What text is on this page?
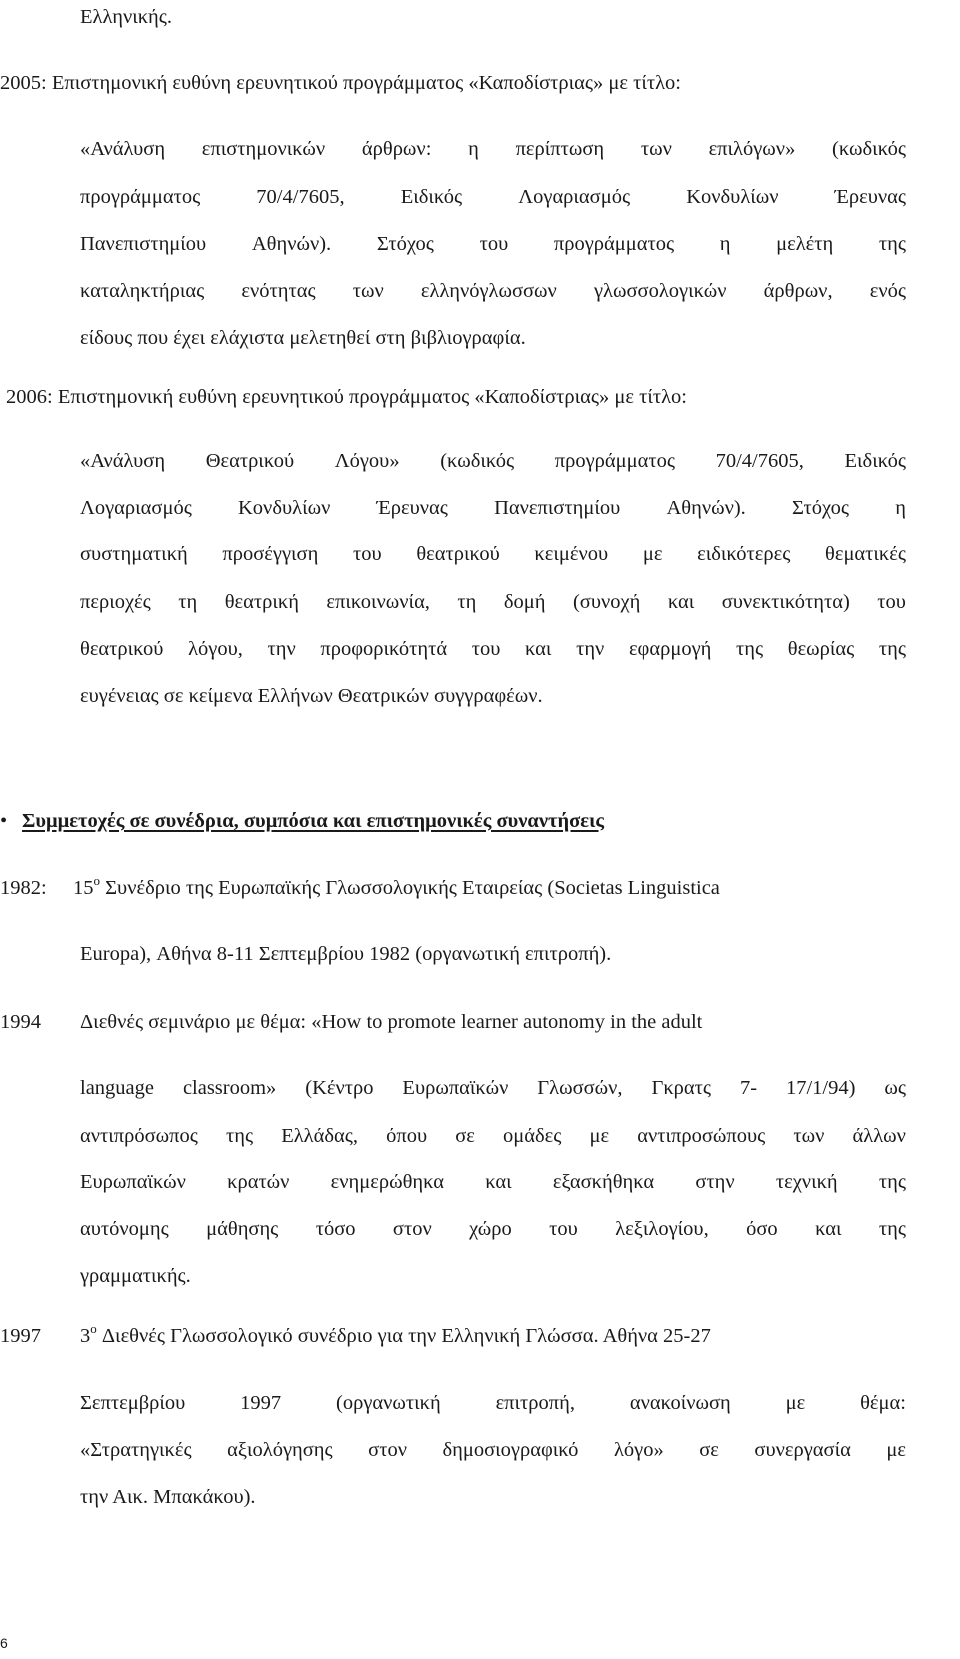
Ελληνικής.
2005: Επιστημονική ευθύνη ερευνητικού προγράμματος «Καποδίστριας» με τίτλο:
«Ανάλυση επιστημονικών άρθρων: η περίπτωση των επιλόγων» (κωδικός
προγράμματος	70/4/7605,	Ειδικός	Λογαριασμός	Κονδυλίων	Έρευνας
Πανεπιστημίου Αθηνών). Στόχος του προγράμματος η μελέτη της
καταληκτήριας ενότητας των ελληνόγλωσσων γλωσσολογικών άρθρων, ενός
είδους που έχει ελάχιστα μελετηθεί στη βιβλιογραφία.
2006: Επιστημονική ευθύνη ερευνητικού προγράμματος «Καποδίστριας» με τίτλο:
«Ανάλυση Θεατρικού Λόγου» (κωδικός προγράμματος 70/4/7605, Ειδικός
Λογαριασμός Κονδυλίων Έρευνας Πανεπιστημίου Αθηνών). Στόχος η
συστηματική προσέγγιση του θεατρικού κειμένου με ειδικότερες θεματικές
περιοχές τη θεατρική επικοινωνία, τη δομή (συνοχή και συνεκτικότητα) του
θεατρικού λόγου, την προφορικότητά του και την εφαρμογή της θεωρίας της
ευγένειας σε κείμενα Ελλήνων Θεατρικών συγγραφέων.
• Συμμετοχές σε συνέδρια, συμπόσια και επιστημονικές συναντήσεις
1982: $15^o$ Συνέδριο της Ευρωπαϊκής Γλωσσολογικής Εταιρείας (Societas Linguistica
Europa), Αθήνα 8-11 Σεπτεμβρίου 1982 (οργανωτική επιτροπή).
1994 Διεθνές σεμινάριο με θέμα: «How to promote learner autonomy in the adult
language classroom» (Κέντρο Ευρωπαϊκών Γλωσσών, Γκρατς 7- 17/1/94) ως
αντιπρόσωπος της Ελλάδας, όπου σε ομάδες με αντιπροσώπους των άλλων
Ευρωπαϊκών κρατών ενημερώθηκα και εξασκήθηκα στην τεχνική της
αυτόνομης μάθησης τόσο στον χώρο του λεξιλογίου, όσο και της
γραμματικής.
1997 $3^o$ Διεθνές Γλωσσολογικό συνέδριο για την Ελληνική Γλώσσα. Αθήνα 25-27
Σεπτεμβρίου	1997	(οργανωτική	επιτροπή,	ανακοίνωση	με	θέμα:
«Στρατηγικές αξιολόγησης στον δημοσιογραφικό λόγο» σε συνεργασία με
την Αικ. Μπακάκου).
6
